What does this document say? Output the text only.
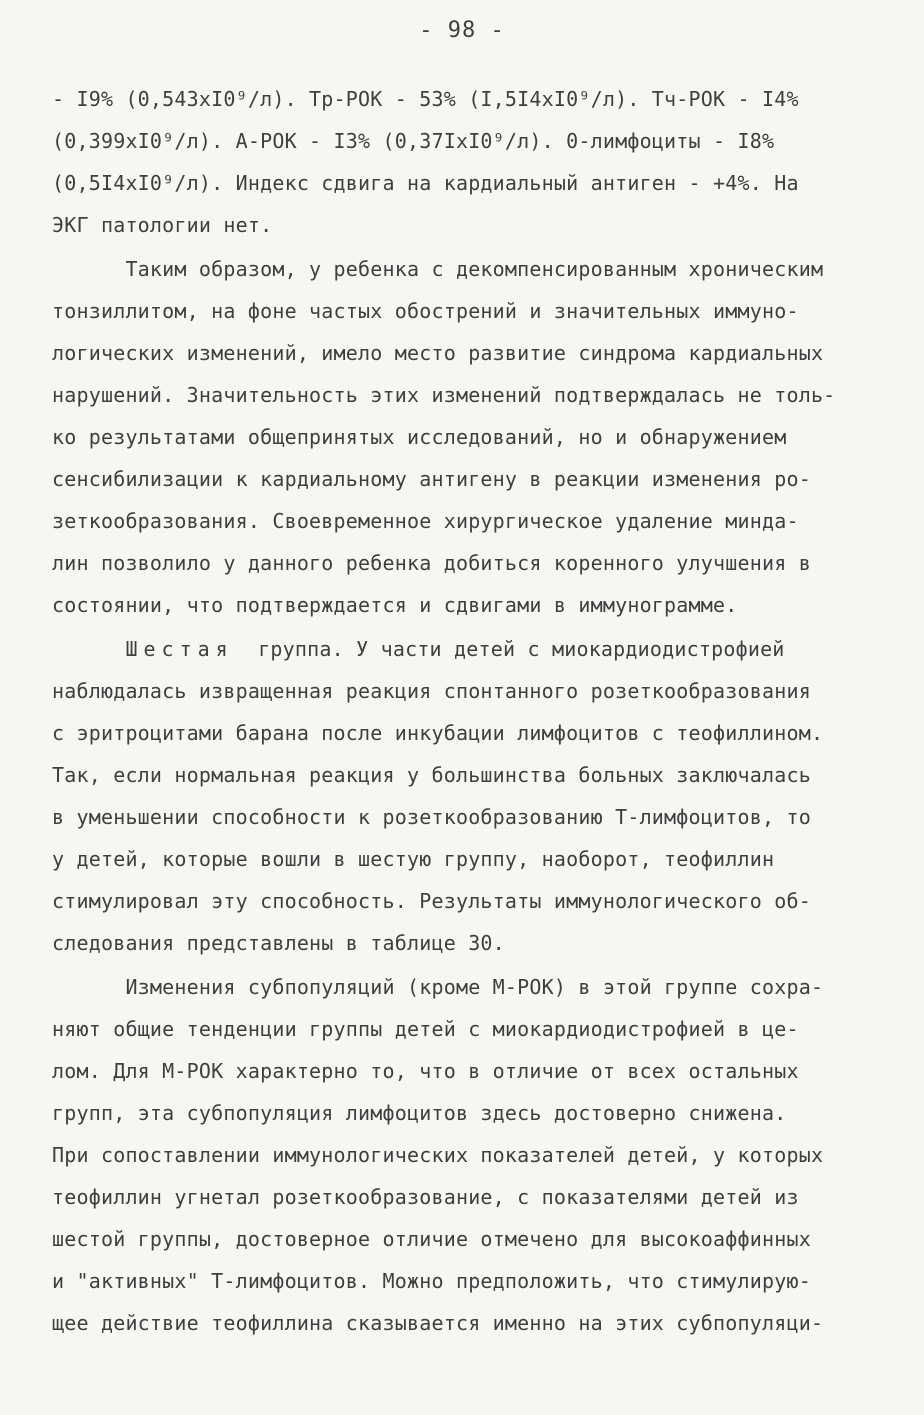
- 98 -
- I9% (0,543xI0⁹/л). Tр-РОК - 53% (I,5I4xI0⁹/л). Tч-РОК - I4%
(0,399xI0⁹/л). А-РОК - I3% (0,37IxI0⁹/л). 0-лимфоциты - I8%
(0,5I4xI0⁹/л). Индекс сдвига на кардиальный антиген - +4%. На
ЭКГ патологии нет.
Таким образом, у ребенка с декомпенсированным хроническим
тонзиллитом, на фоне частых обострений и значительных иммуно-
логических изменений, имело место развитие синдрома кардиальных
нарушений. Значительность этих изменений подтверждалась не толь-
ко результатами общепринятых исследований, но и обнаружением
сенсибилизации к кардиальному антигену в реакции изменения ро-
зеткообразования. Своевременное хирургическое удаление минда-
лин позволило у данного ребенка добиться коренного улучшения в
состоянии, что подтверждается и сдвигами в иммунограмме.
Шестая группа. У части детей с миокардиодистрофией
наблюдалась извращенная реакция спонтанного розеткообразования
с эритроцитами барана после инкубации лимфоцитов с теофиллином.
Так, если нормальная реакция у большинства больных заключалась
в уменьшении способности к розеткообразованию Т-лимфоцитов, то
у детей, которые вошли в шестую группу, наоборот, теофиллин
стимулировал эту способность. Результаты иммунологического об-
следования представлены в таблице 30.
Изменения субпопуляций (кроме М-РОК) в этой группе сохра-
няют общие тенденции группы детей с миокардиодистрофией в це-
лом. Для М-РОК характерно то, что в отличие от всех остальных
групп, эта субпопуляция лимфоцитов здесь достоверно снижена.
При сопоставлении иммунологических показателей детей, у которых
теофиллин угнетал розеткообразование, с показателями детей из
шестой группы, достоверное отличие отмечено для высокоаффинных
и "активных" Т-лимфоцитов. Можно предположить, что стимулирую-
щее действие теофиллина сказывается именно на этих субпопуляци-
